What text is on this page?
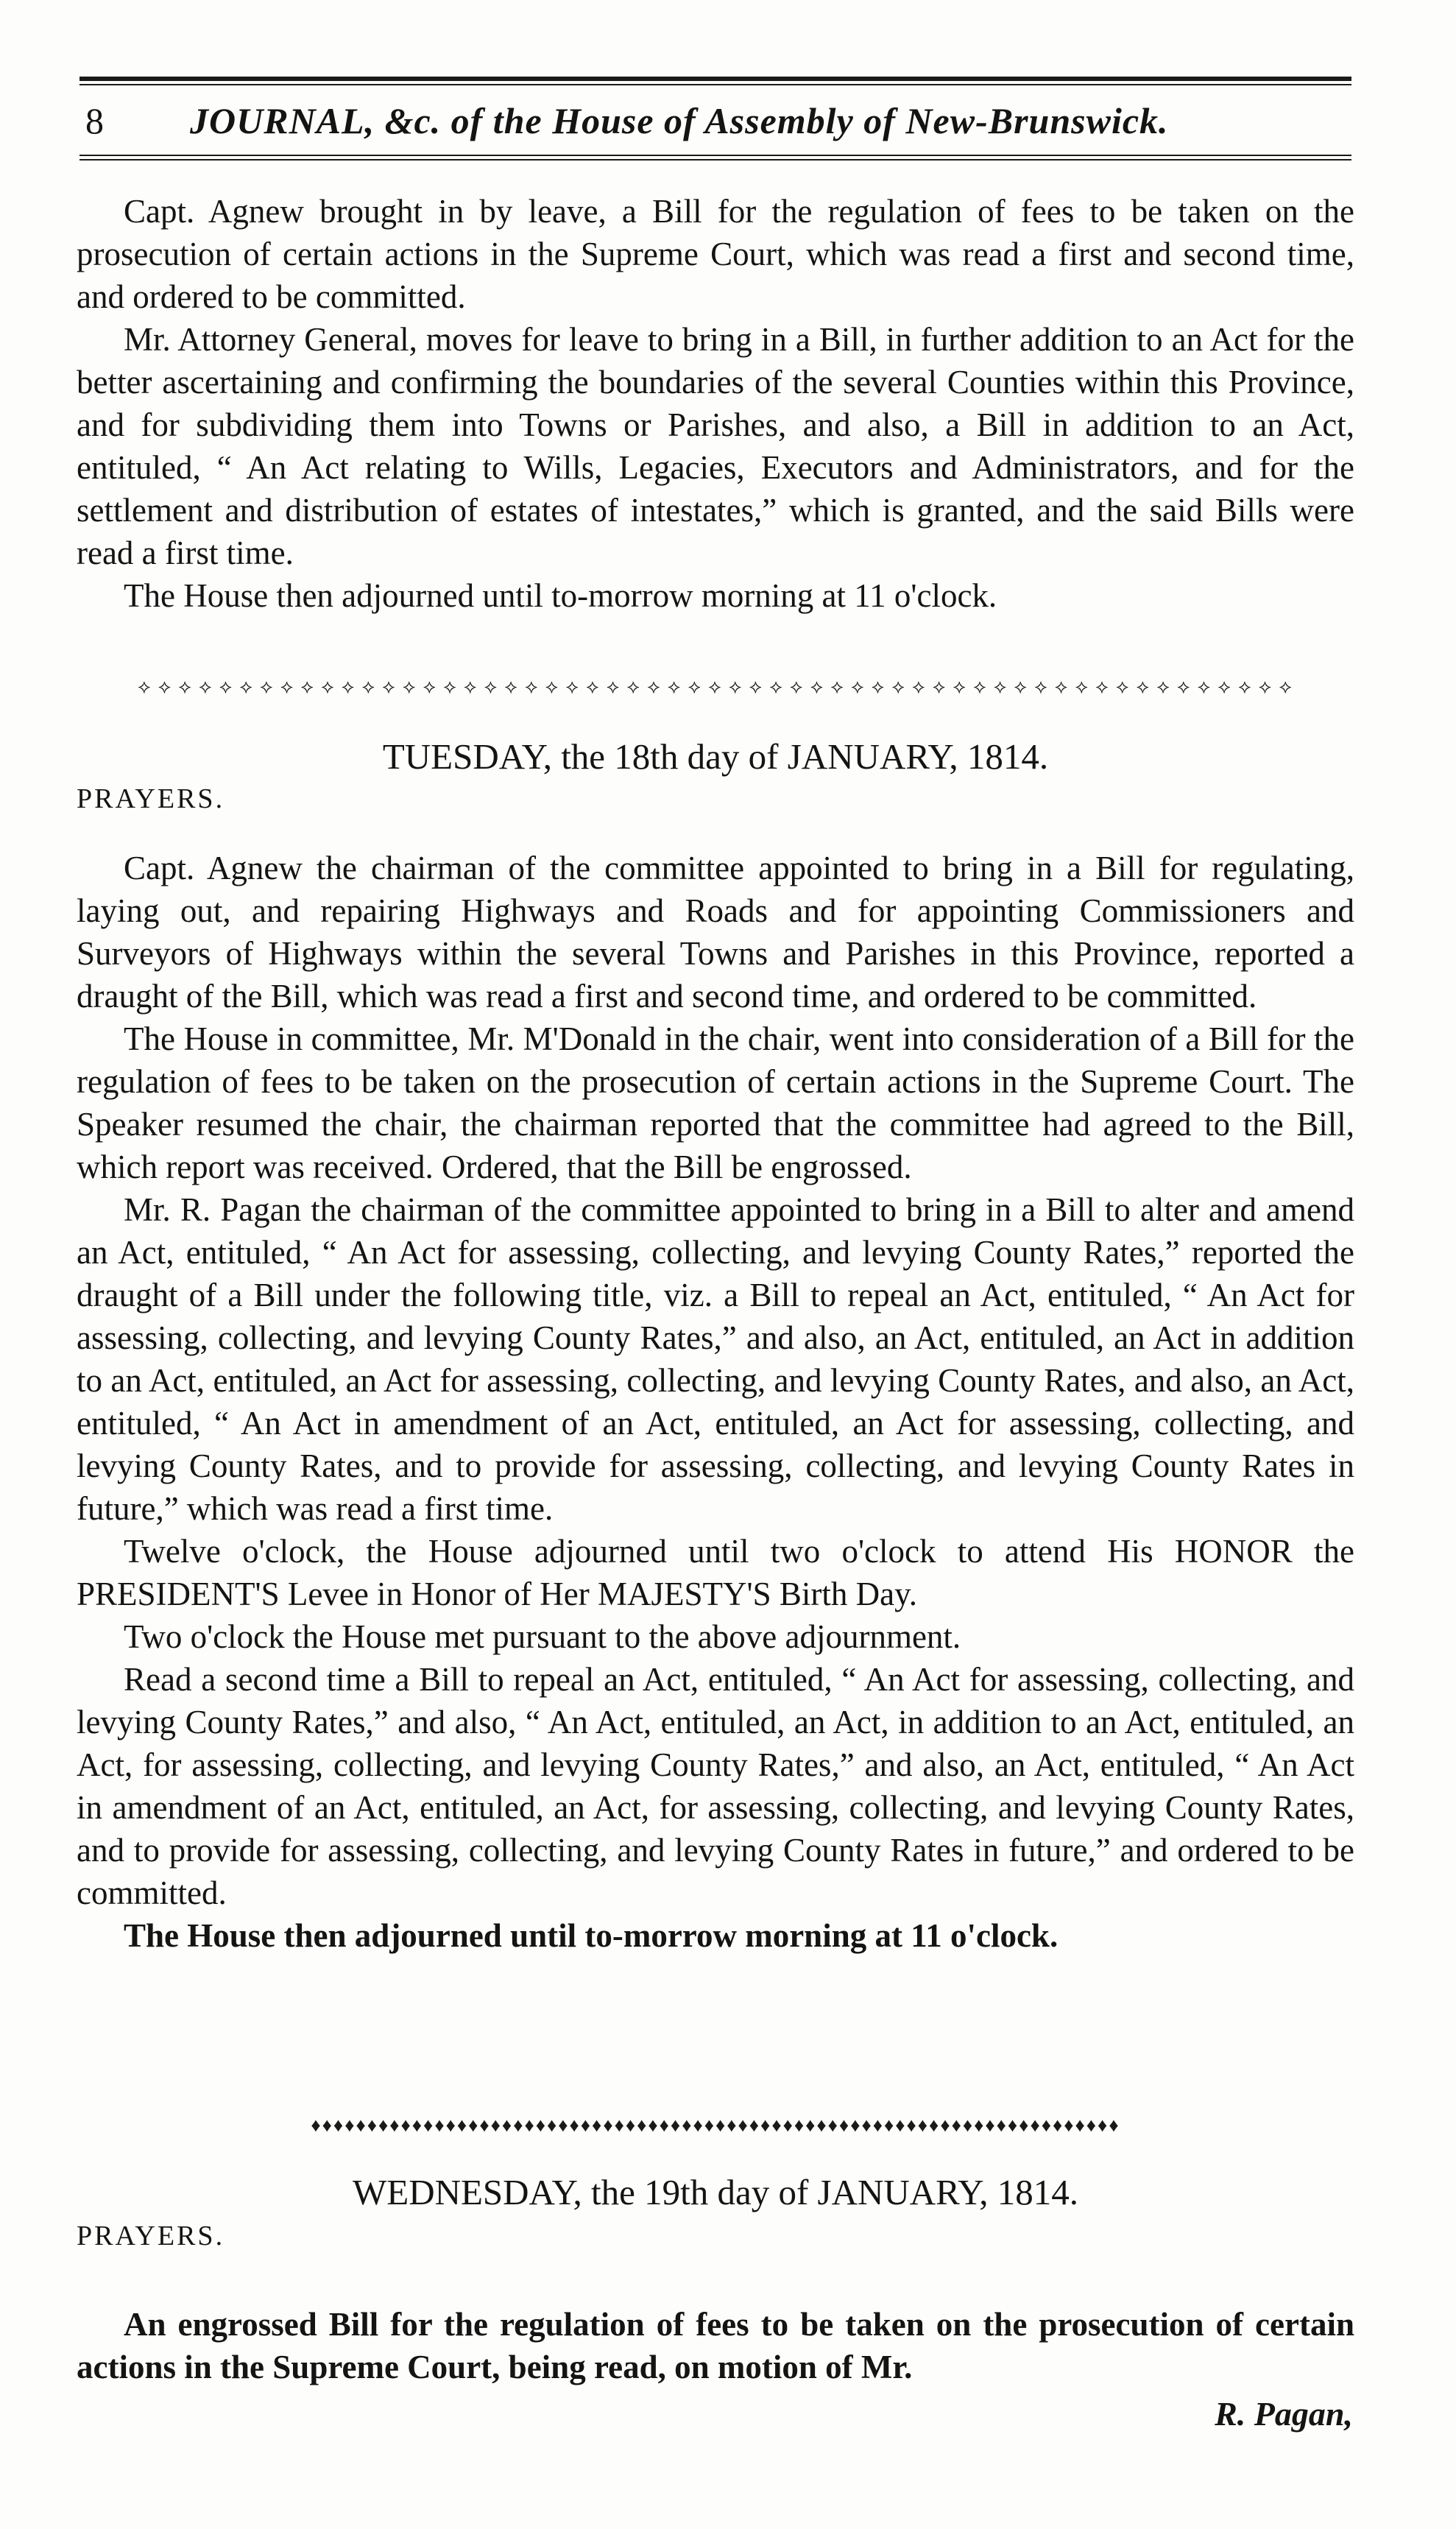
8 JOURNAL, &c. of the House of Assembly of New-Brunswick.

Capt. Agnew brought in by leave, a Bill for the regulation of fees to be taken on the prosecution of certain actions in the Supreme Court, which was read a first and second time, and ordered to be committed.

Mr. Attorney General, moves for leave to bring in a Bill, in further addition to an Act for the better ascertaining and confirming the boundaries of the several Counties within this Province, and for subdividing them into Towns or Parishes, and also, a Bill in addition to an Act, entituled, “ An Act relating to Wills, Legacies, Executors and Administrators, and for the settlement and distribution of estates of intestates,” which is granted, and the said Bills were read a first time.

The House then adjourned until to-morrow morning at 11 o'clock.

⟡ ⟡ ⟡ ⟡ ⟡ ⟡ ⟡ ⟡ ⟡ ⟡ ⟡ ⟡ ⟡ ⟡ ⟡ ⟡ ⟡ ⟡ ⟡ ⟡ ⟡ ⟡ ⟡ ⟡ ⟡ ⟡ ⟡ ⟡ ⟡ ⟡ ⟡ ⟡ ⟡ ⟡ ⟡ ⟡ ⟡ ⟡ ⟡ ⟡ ⟡ ⟡ ⟡ ⟡ ⟡ ⟡ ⟡ ⟡ ⟡ ⟡ ⟡ ⟡ ⟡ ⟡ ⟡ ⟡ ⟡
TUESDAY, the 18th day of JANUARY, 1814.
PRAYERS.

Capt. Agnew the chairman of the committee appointed to bring in a Bill for regulating, laying out, and repairing Highways and Roads and for appointing Commissioners and Surveyors of Highways within the several Towns and Parishes in this Province, reported a draught of the Bill, which was read a first and second time, and ordered to be committed.

The House in committee, Mr. M'Donald in the chair, went into consideration of a Bill for the regulation of fees to be taken on the prosecution of certain actions in the Supreme Court. The Speaker resumed the chair, the chairman reported that the committee had agreed to the Bill, which report was received. Ordered, that the Bill be engrossed.

Mr. R. Pagan the chairman of the committee appointed to bring in a Bill to alter and amend an Act, entituled, “ An Act for assessing, collecting, and levying County Rates,” reported the draught of a Bill under the following title, viz. a Bill to repeal an Act, entituled, “ An Act for assessing, collecting, and levying County Rates,” and also, an Act, entituled, an Act in addition to an Act, entituled, an Act for assessing, collecting, and levying County Rates, and also, an Act, entituled, “ An Act in amendment of an Act, entituled, an Act for assessing, collecting, and levying County Rates, and to provide for assessing, collecting, and levying County Rates in future,” which was read a first time.

Twelve o'clock, the House adjourned until two o'clock to attend His HONOR the PRESIDENT'S Levee in Honor of Her MAJESTY'S Birth Day.

Two o'clock the House met pursuant to the above adjournment.

Read a second time a Bill to repeal an Act, entituled, “ An Act for assessing, collecting, and levying County Rates,” and also, “ An Act, entituled, an Act, in addition to an Act, entituled, an Act, for assessing, collecting, and levying County Rates,” and also, an Act, entituled, “ An Act in amendment of an Act, entituled, an Act, for assessing, collecting, and levying County Rates, and to provide for assessing, collecting, and levying County Rates in future,” and ordered to be committed.

The House then adjourned until to-morrow morning at 11 o'clock.

♦♦♦♦♦♦♦♦♦♦♦♦♦♦♦♦♦♦♦♦♦♦♦♦♦♦♦♦♦♦♦♦♦♦♦♦♦♦♦♦♦♦♦♦♦♦♦♦♦♦♦♦♦♦♦♦♦♦♦♦♦♦♦♦♦♦♦♦♦♦♦♦
WEDNESDAY, the 19th day of JANUARY, 1814.
PRAYERS.

An engrossed Bill for the regulation of fees to be taken on the prosecution of certain actions in the Supreme Court, being read, on motion of Mr.

R. Pagan,
